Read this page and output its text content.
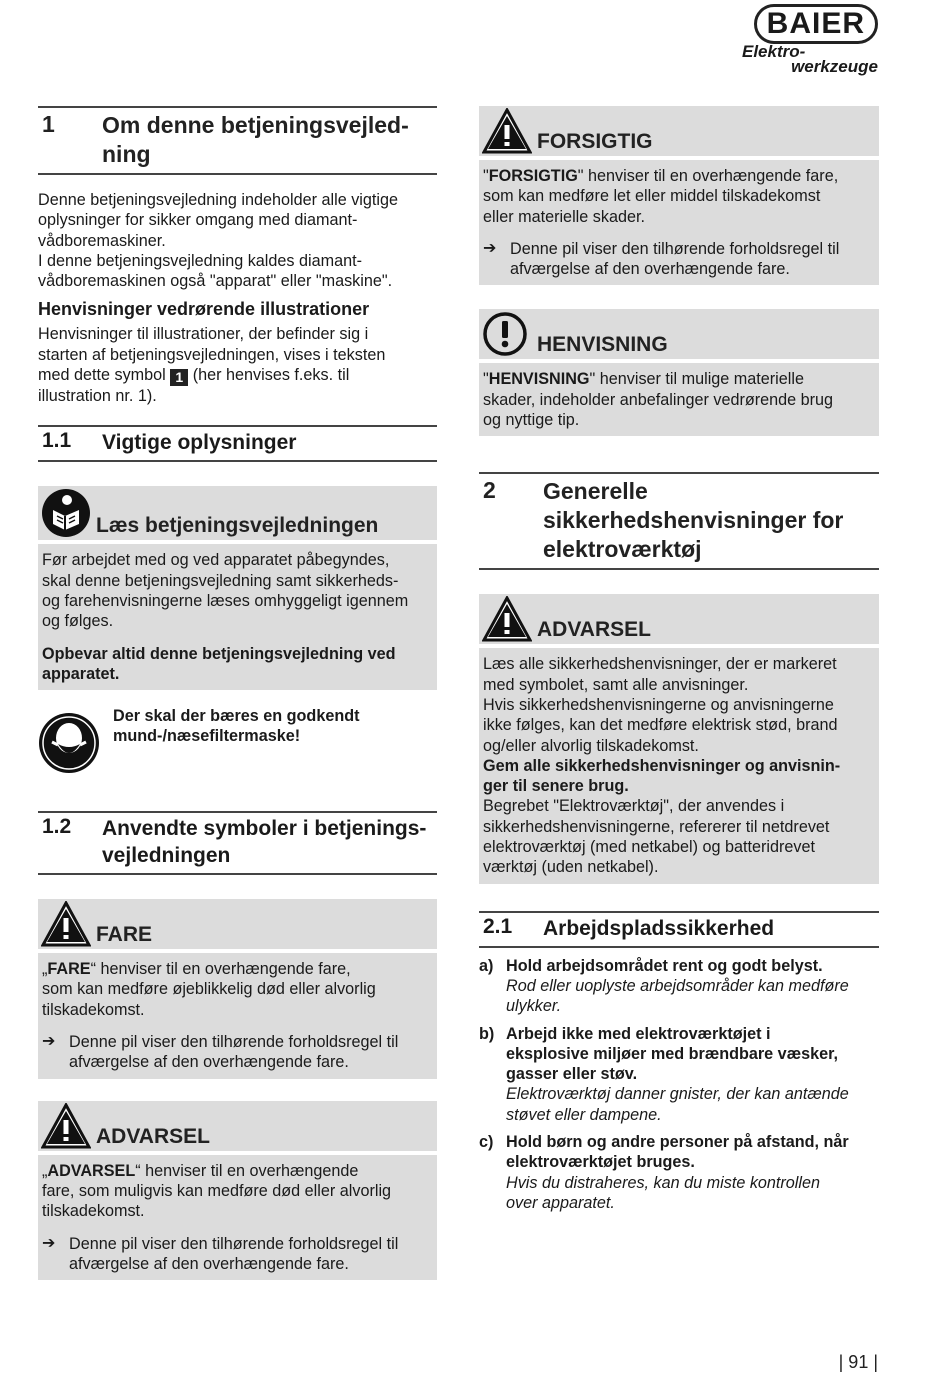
BAIER
Elektro-
werkzeuge
1	Om denne betjeningsvejled-
ning

Denne betjeningsvejledning indeholder alle vigtige

oplysninger for sikker omgang med diamant-

vådboremaskiner.

I denne betjeningsvejledning kaldes diamant-

vådboremaskinen også "apparat" eller "maskine".

Henvisninger vedrørende illustrationer

Henvisninger til illustrationer, der befinder sig i

starten af betjeningsvejledningen, vises i teksten

med dette symbol 1 (her henvises f.eks. til

illustration nr. 1).

1.1	Vigtige oplysninger
Læs betjeningsvejledningen

Før arbejdet med og ved apparatet påbegyndes,

skal denne betjeningsvejledning samt sikkerheds-

og farehenvisningerne læses omhyggeligt igennem

og følges.

Opbevar altid denne betjeningsvejledning ved

apparatet.

Der skal der bæres en godkendt

mund-/næsefiltermaske!

1.2	Anvendte symboler i betjenings-
vejledningen
FARE

„FARE“ henviser til en overhængende fare,

som kan medføre øjeblikkelig død eller alvorlig

tilskadekomst.

➔ Denne pil viser den tilhørende forholdsregel til

afværgelse af den overhængende fare.

ADVARSEL

„ADVARSEL“ henviser til en overhængende

fare, som muligvis kan medføre død eller alvorlig

tilskadekomst.

➔ Denne pil viser den tilhørende forholdsregel til

afværgelse af den overhængende fare.

FORSIGTIG

"FORSIGTIG" henviser til en overhængende fare,

som kan medføre let eller middel tilskadekomst

eller materielle skader.

➔ Denne pil viser den tilhørende forholdsregel til

afværgelse af den overhængende fare.

HENVISNING

"HENVISNING" henviser til mulige materielle

skader, indeholder anbefalinger vedrørende brug

og nyttige tip.

2	Generelle
sikkerhedshenvisninger for
elektroværktøj
ADVARSEL

Læs alle sikkerhedshenvisninger, der er markeret

med symbolet, samt alle anvisninger.

Hvis sikkerhedshenvisningerne og anvisningerne

ikke følges, kan det medføre elektrisk stød, brand

og/eller alvorlig tilskadekomst.

Gem alle sikkerhedshenvisninger og anvisnin-

ger til senere brug.

Begrebet "Elektroværktøj", der anvendes i

sikkerhedshenvisningerne, refererer til netdrevet

elektroværktøj (med netkabel) og batteridrevet

værktøj (uden netkabel).

2.1	Arbejdspladssikkerhed
a) Hold arbejdsområdet rent og godt belyst.

Rod eller uoplyste arbejdsområder kan medføre

ulykker.

b) Arbejd ikke med elektroværktøjet i

eksplosive miljøer med brændbare væsker,

gasser eller støv.

Elektroværktøj danner gnister, der kan antænde

støvet eller dampene.

c) Hold børn og andre personer på afstand, når

elektroværktøjet bruges.

Hvis du distraheres, kan du miste kontrollen

over apparatet.

| 91 |
